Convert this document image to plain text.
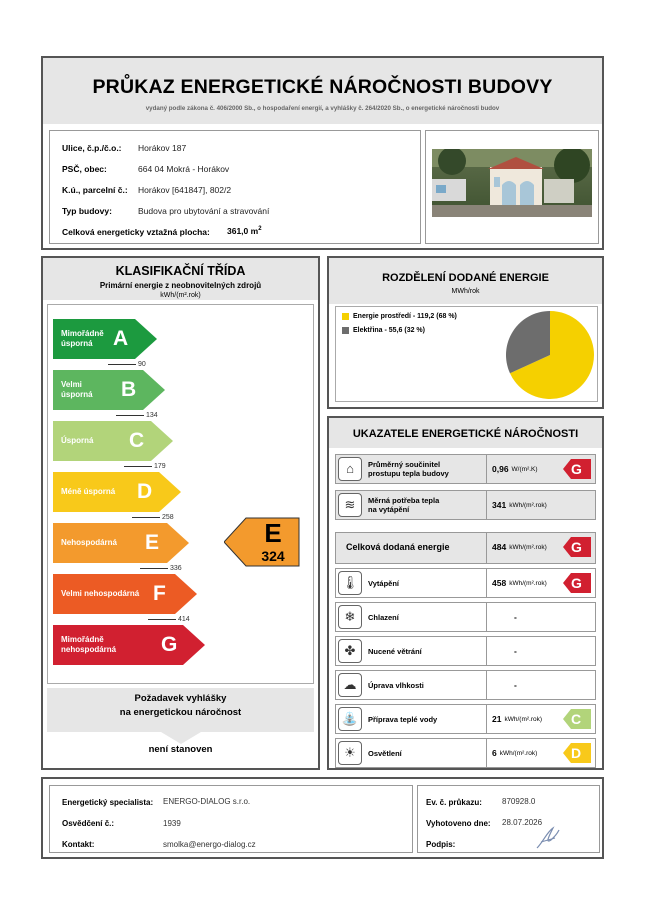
PRŮKAZ ENERGETICKÉ NÁROČNOSTI BUDOVY
vydaný podle zákona č. 406/2000 Sb., o hospodaření energií, a vyhlášky č. 264/2020 Sb., o energetické náročnosti budov
Ulice, č.p./č.o.: Horákov 187
PSČ, obec:	664 04 Mokrá - Horákov
K.ú., parcelní č.: Horákov [641847], 802/2
Typ budovy:	Budova pro ubytování a stravování
Celková energeticky vztažná plocha: 361,0 $m^2$
KLASIFIKAČNÍ TŘÍDA
Primární energie z neobnovitelných zdrojů
kWh/(m².rok)
Mimořádně úsporná A
Velmi úsporná	B
Úsporná	C
Méně úsporná	D
Nehospodárná	E
Velmi nehospodárná F
Mimořádně nehospodárná	G
90
134
179
258
336
414
E
324
Požadavek vyhlášky
na energetickou náročnost
není stanoven
ROZDĚLENÍ DODANÉ ENERGIE
MWh/rok
Energie prostředí - 119,2 (68 %)
Elektřina - 55,6 (32 %)
UKAZATELE ENERGETICKÉ NÁROČNOSTI
⌂	Průměrný součinitel
prostupu tepla budovy	0,96 W/(m².K) G
≋	Měrná potřeba tepla
na vytápění	341 kWh/(m².rok)
Celková dodaná energie	484 kWh/(m².rok) G
🌡	Vytápění	458 kWh/(m².rok) G
❄	Chlazení	-
✤	Nucené větrání	-
☁	Úprava vlhkosti	-
⛲	Příprava teplé vody	21 kWh/(m².rok) C
☀	Osvětlení	6 kWh/(m².rok) D
Energetický specialista: ENERGO-DIALOG s.r.o.
Osvědčení č.:	1939
Kontakt:	smolka@energo-dialog.cz
Ev. č. průkazu:	870928.0
Vyhotoveno dne: 28.07.2026
Podpis:
